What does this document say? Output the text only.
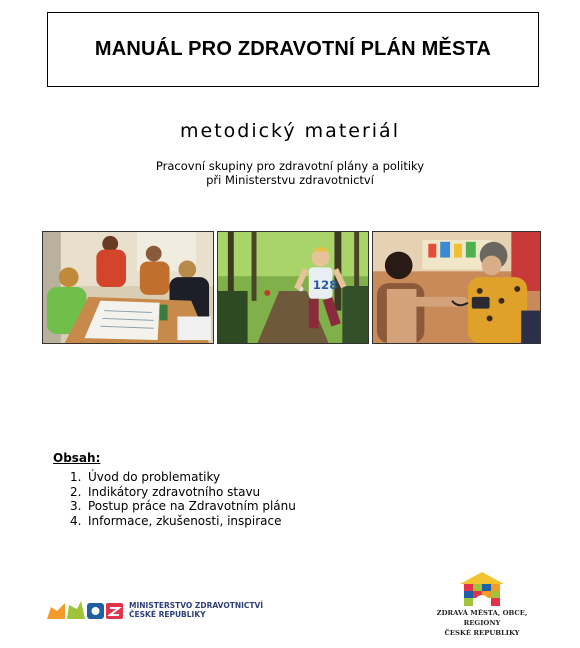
MANUÁL PRO ZDRAVOTNÍ PLÁN MĚSTA
metodický materiál
Pracovní skupiny pro zdravotní plány a politiky
při Ministerstvu zdravotnictví
128
Obsah:
1. Úvod do problematiky
2. Indikátory zdravotního stavu
3. Postup práce na Zdravotním plánu
4. Informace, zkušenosti, inspirace
MINISTERSTVO ZDRAVOTNICTVÍ
ČESKÉ REPUBLIKY	ZDRAVÁ MĚSTA, OBCE, REGIONY
ČESKÉ REPUBLIKY
